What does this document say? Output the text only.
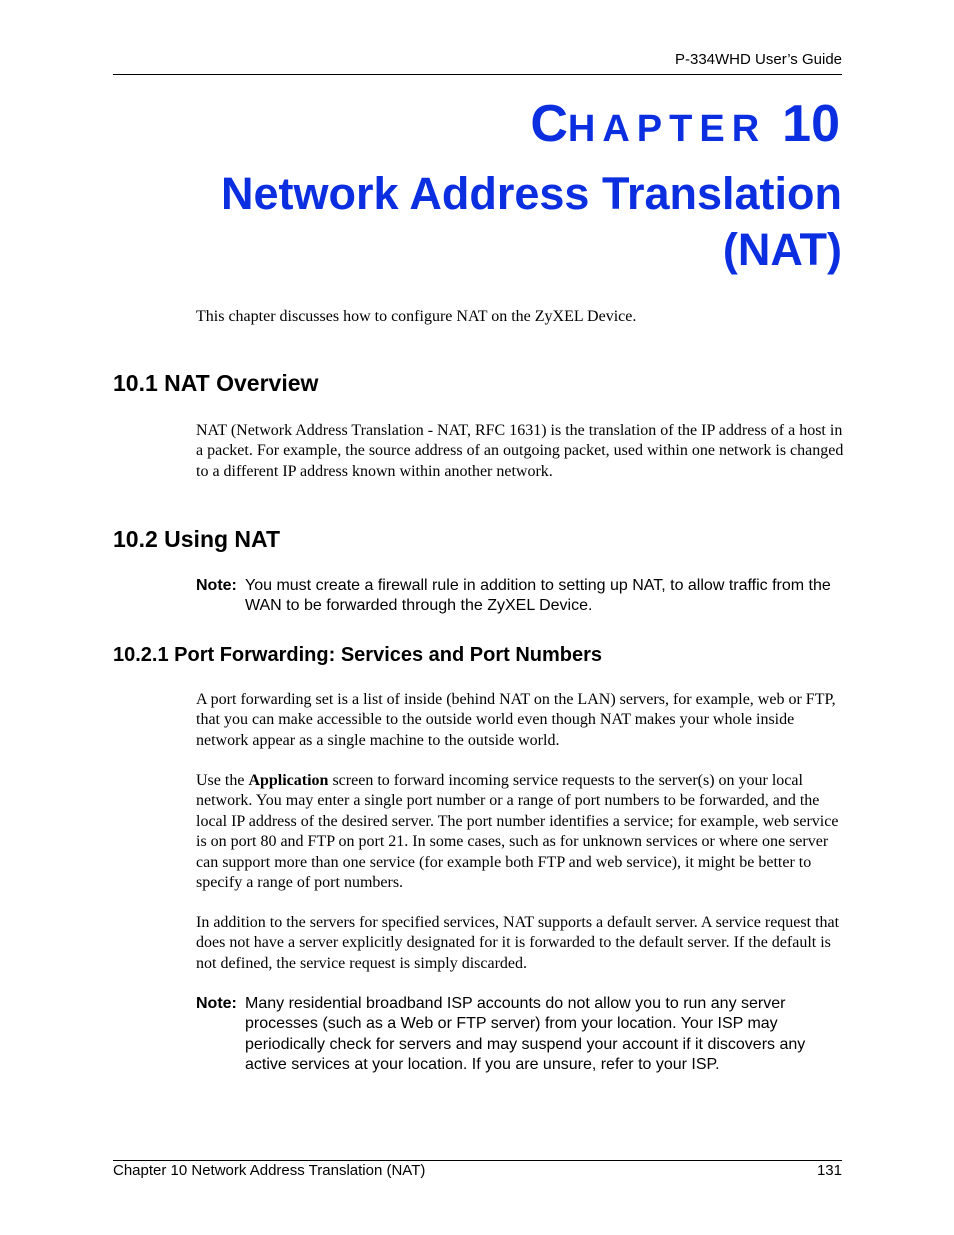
P-334WHD User’s Guide
CHAPTER 10
Network Address Translation
(NAT)
This chapter discusses how to configure NAT on the ZyXEL Device.
10.1 NAT Overview
NAT (Network Address Translation - NAT, RFC 1631) is the translation of the IP address of a host in a packet. For example, the source address of an outgoing packet, used within one network is changed to a different IP address known within another network.
10.2 Using NAT
Note: You must create a firewall rule in addition to setting up NAT, to allow traffic from the WAN to be forwarded through the ZyXEL Device.
10.2.1 Port Forwarding: Services and Port Numbers
A port forwarding set is a list of inside (behind NAT on the LAN) servers, for example, web or FTP, that you can make accessible to the outside world even though NAT makes your whole inside network appear as a single machine to the outside world.
Use the Application screen to forward incoming service requests to the server(s) on your local network. You may enter a single port number or a range of port numbers to be forwarded, and the local IP address of the desired server. The port number identifies a service; for example, web service is on port 80 and FTP on port 21. In some cases, such as for unknown services or where one server can support more than one service (for example both FTP and web service), it might be better to specify a range of port numbers.
In addition to the servers for specified services, NAT supports a default server. A service request that does not have a server explicitly designated for it is forwarded to the default server. If the default is not defined, the service request is simply discarded.
Note: Many residential broadband ISP accounts do not allow you to run any server processes (such as a Web or FTP server) from your location. Your ISP may periodically check for servers and may suspend your account if it discovers any active services at your location. If you are unsure, refer to your ISP.
Chapter 10 Network Address Translation (NAT)	131
